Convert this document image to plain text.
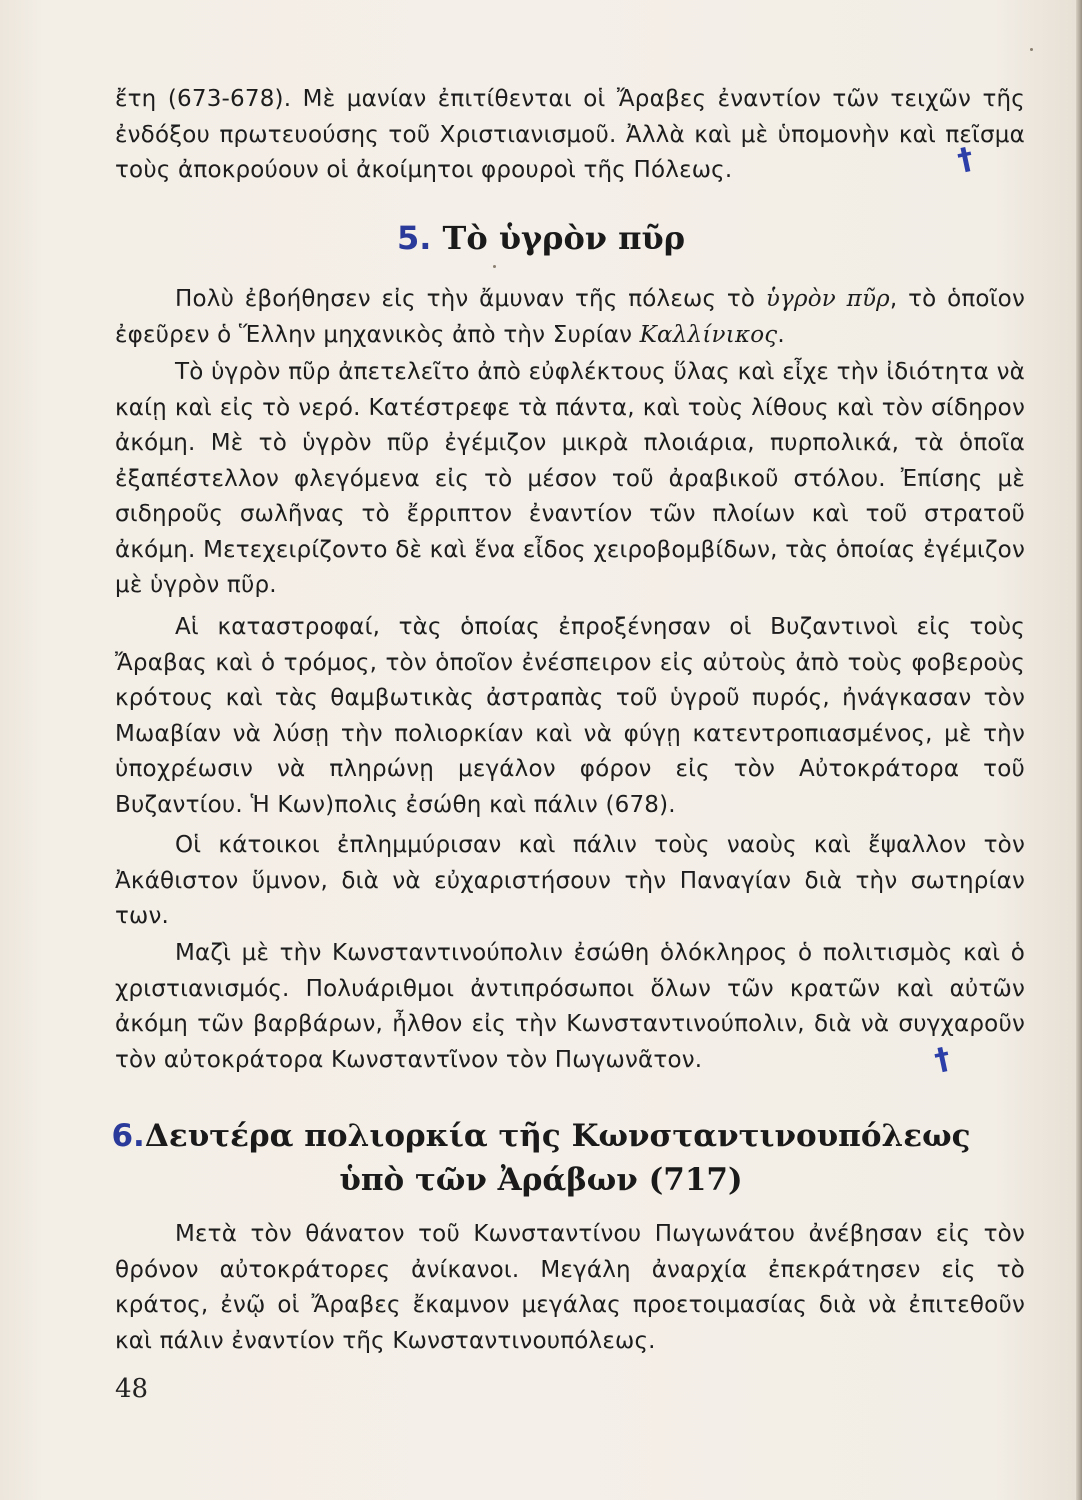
ἔτη (673-678). Μὲ μανίαν ἐπιτίθενται οἱ Ἄραβες ἐναντίον τῶν τειχῶν τῆς ἐνδόξου πρωτευούσης τοῦ Χριστιανισμοῦ. Ἀλλὰ καὶ μὲ ὑπομονὴν καὶ πεῖσμα τοὺς ἀποκρούουν οἱ ἀκοίμητοι φρουροὶ τῆς Πόλεως.	†
5. Τὸ ὑγρὸν πῦρ
Πολὺ ἐβοήθησεν εἰς τὴν ἄμυναν τῆς πόλεως τὸ ὑγρὸν πῦρ, τὸ ὁποῖον ἐφεῦρεν ὁ Ἕλλην μηχανικὸς ἀπὸ τὴν Συρίαν Καλλίνικος.
Τὸ ὑγρὸν πῦρ ἀπετελεῖτο ἀπὸ εὐφλέκτους ὕλας καὶ εἶχε τὴν ἰδιότητα νὰ καίῃ καὶ εἰς τὸ νερό. Κατέστρεφε τὰ πάντα, καὶ τοὺς λίθους καὶ τὸν σίδηρον ἀκόμη. Μὲ τὸ ὑγρὸν πῦρ ἐγέμιζον μικρὰ πλοιάρια, πυρπολικά, τὰ ὁποῖα ἐξαπέστελλον φλεγόμενα εἰς τὸ μέσον τοῦ ἀραβικοῦ στόλου. Ἐπίσης μὲ σιδηροῦς σωλῆνας τὸ ἔρριπτον ἐναντίον τῶν πλοίων καὶ τοῦ στρατοῦ ἀκόμη. Μετεχειρίζοντο δὲ καὶ ἕνα εἶδος χειροβομβίδων, τὰς ὁποίας ἐγέμιζον μὲ ὑγρὸν πῦρ.
Αἱ καταστροφαί, τὰς ὁποίας ἐπροξένησαν οἱ Βυζαντινοὶ εἰς τοὺς Ἄραβας καὶ ὁ τρόμος, τὸν ὁποῖον ἐνέσπειρον εἰς αὐτοὺς ἀπὸ τοὺς φοβεροὺς κρότους καὶ τὰς θαμβωτικὰς ἀστραπὰς τοῦ ὑγροῦ πυρός, ἠνάγκασαν τὸν Μωαβίαν νὰ λύσῃ τὴν πολιορκίαν καὶ νὰ φύγῃ κατεντροπιασμένος, μὲ τὴν ὑποχρέωσιν νὰ πληρώνῃ μεγάλον φόρον εἰς τὸν Αὐτοκράτορα τοῦ Βυζαντίου. Ἡ Κων)πολις ἐσώθη καὶ πάλιν (678).
Οἱ κάτοικοι ἐπλημμύρισαν καὶ πάλιν τοὺς ναοὺς καὶ ἔψαλλον τὸν Ἀκάθιστον ὕμνον, διὰ νὰ εὐχαριστήσουν τὴν Παναγίαν διὰ τὴν σωτηρίαν των.
Μαζὶ μὲ τὴν Κωνσταντινούπολιν ἐσώθη ὁλόκληρος ὁ πολιτισμὸς καὶ ὁ χριστιανισμός. Πολυάριθμοι ἀντιπρόσωποι ὅλων τῶν κρατῶν καὶ αὐτῶν ἀκόμη τῶν βαρβάρων, ἦλθον εἰς τὴν Κωνσταντινούπολιν, διὰ νὰ συγχαροῦν τὸν αὐτοκράτορα Κωνσταντῖνον τὸν Πωγωνᾶτον.	†
6.Δευτέρα πολιορκία τῆς Κωνσταντινουπόλεως
ὑπὸ τῶν Ἀράβων (717)
Μετὰ τὸν θάνατον τοῦ Κωνσταντίνου Πωγωνάτου ἀνέβησαν εἰς τὸν θρόνον αὐτοκράτορες ἀνίκανοι. Μεγάλη ἀναρχία ἐπεκράτησεν εἰς τὸ κράτος, ἐνῷ οἱ Ἄραβες ἔκαμνον μεγάλας προετοιμασίας διὰ νὰ ἐπιτεθοῦν καὶ πάλιν ἐναντίον τῆς Κωνσταντινουπόλεως.
48
